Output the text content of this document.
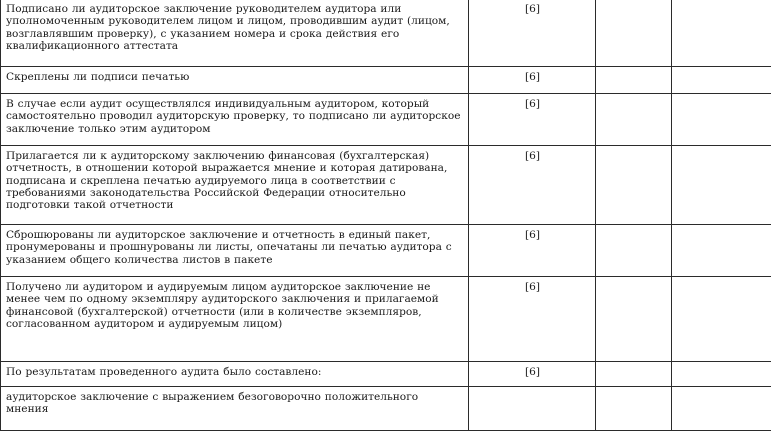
Подписано ли аудиторское заключение руководителем аудитора или уполномоченным руководителем лицом и лицом, проводившим аудит (лицом, возглавлявшим проверку), с указанием номера и срока действия его квалификационного аттестата	[6]		
Скреплены ли подписи печатью	[6]		
В случае если аудит осуществлялся индивидуальным аудитором, который самостоятельно проводил аудиторскую проверку, то подписано ли аудиторское заключение только этим аудитором	[6]		
Прилагается ли к аудиторскому заключению финансовая (бухгалтерская) отчетность, в отношении которой выражается мнение и которая датирована, подписана и скреплена печатью аудируемого лица в соответствии с требованиями законодательства Российской Федерации относительно подготовки такой отчетности	[6]		
Сброшюрованы ли аудиторское заключение и отчетность в единый пакет, пронумерованы и прошнурованы ли листы, опечатаны ли печатью аудитора с указанием общего количества листов в пакете	[6]		
Получено ли аудитором и аудируемым лицом аудиторское заключение не менее чем по одному экземпляру аудиторского заключения и прилагаемой финансовой (бухгалтерской) отчетности (или в количестве экземпляров, согласованном аудитором и аудируемым лицом)	[6]		
По результатам проведенного аудита было составлено:	[6]		
аудиторское заключение с выражением безоговорочно положительного мнения			
